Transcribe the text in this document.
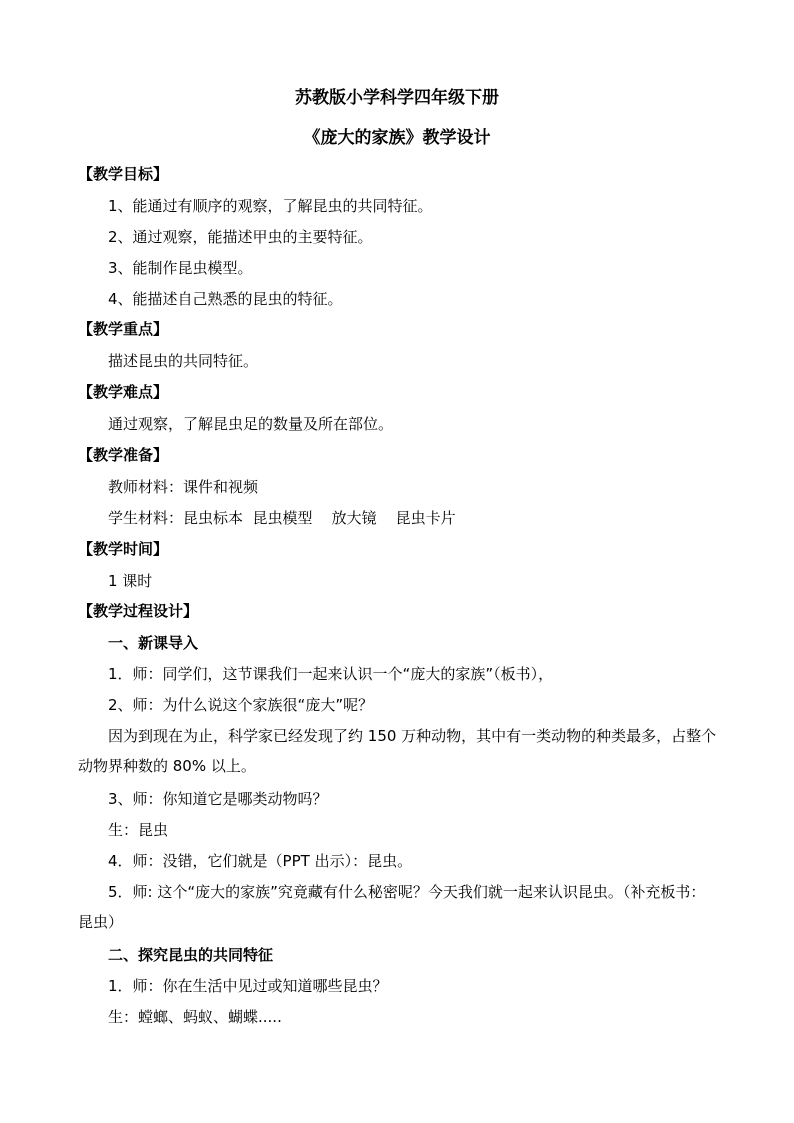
苏教版小学科学四年级下册
《庞大的家族》教学设计
【教学目标】
1、能通过有顺序的观察，了解昆虫的共同特征。
2、通过观察，能描述甲虫的主要特征。
3、能制作昆虫模型。
4、能描述自己熟悉的昆虫的特征。
【教学重点】
描述昆虫的共同特征。
【教学难点】
通过观察，了解昆虫足的数量及所在部位。
【教学准备】
教师材料：课件和视频
学生材料：昆虫标本  昆虫模型    放大镜    昆虫卡片
【教学时间】
1 课时
【教学过程设计】
一、新课导入
1．师：同学们，这节课我们一起来认识一个“庞大的家族”（板书），
2、师：为什么说这个家族很“庞大”呢？
因为到现在为止，科学家已经发现了约 150 万种动物，其中有一类动物的种类最多，占整个动物界种数的 80% 以上。
3、师：你知道它是哪类动物吗？
生：昆虫
4．师：没错，它们就是（PPT 出示）：昆虫。
5．师: 这个“庞大的家族”究竟藏有什么秘密呢？今天我们就一起来认识昆虫。（补充板书：昆虫）
二、探究昆虫的共同特征
1．师：你在生活中见过或知道哪些昆虫？
生：螳螂、蚂蚁、蝴蝶.....
